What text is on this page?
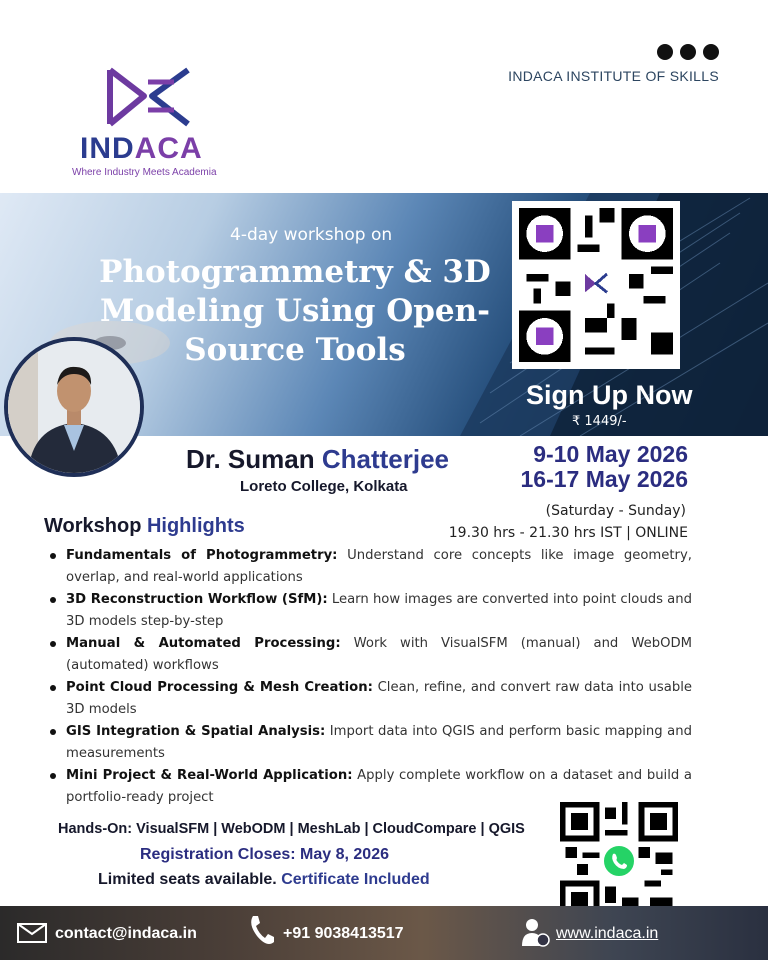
INDACA INSTITUTE OF SKILLS
INDACA
Where Industry Meets Academia
4-day workshop on
Photogrammetry & 3D Modeling Using Open-Source Tools
Sign Up Now
₹ 1449/-
Dr. Suman Chatterjee
Loreto College, Kolkata
9-10 May 2026
16-17 May 2026
(Saturday - Sunday)
19.30 hrs - 21.30 hrs IST | ONLINE
Workshop Highlights
Fundamentals of Photogrammetry: Understand core concepts like image geometry, overlap, and real-world applications
3D Reconstruction Workflow (SfM): Learn how images are converted into point clouds and 3D models step-by-step
Manual & Automated Processing: Work with VisualSFM (manual) and WebODM (automated) workflows
Point Cloud Processing & Mesh Creation: Clean, refine, and convert raw data into usable 3D models
GIS Integration & Spatial Analysis: Import data into QGIS and perform basic mapping and measurements
Mini Project & Real-World Application: Apply complete workflow on a dataset and build a portfolio-ready project
Hands-On: VisualSFM | WebODM | MeshLab | CloudCompare | QGIS
Registration Closes: May 8, 2026
Limited seats available. Certificate Included
contact@indaca.in	+91 9038413517	www.indaca.in
